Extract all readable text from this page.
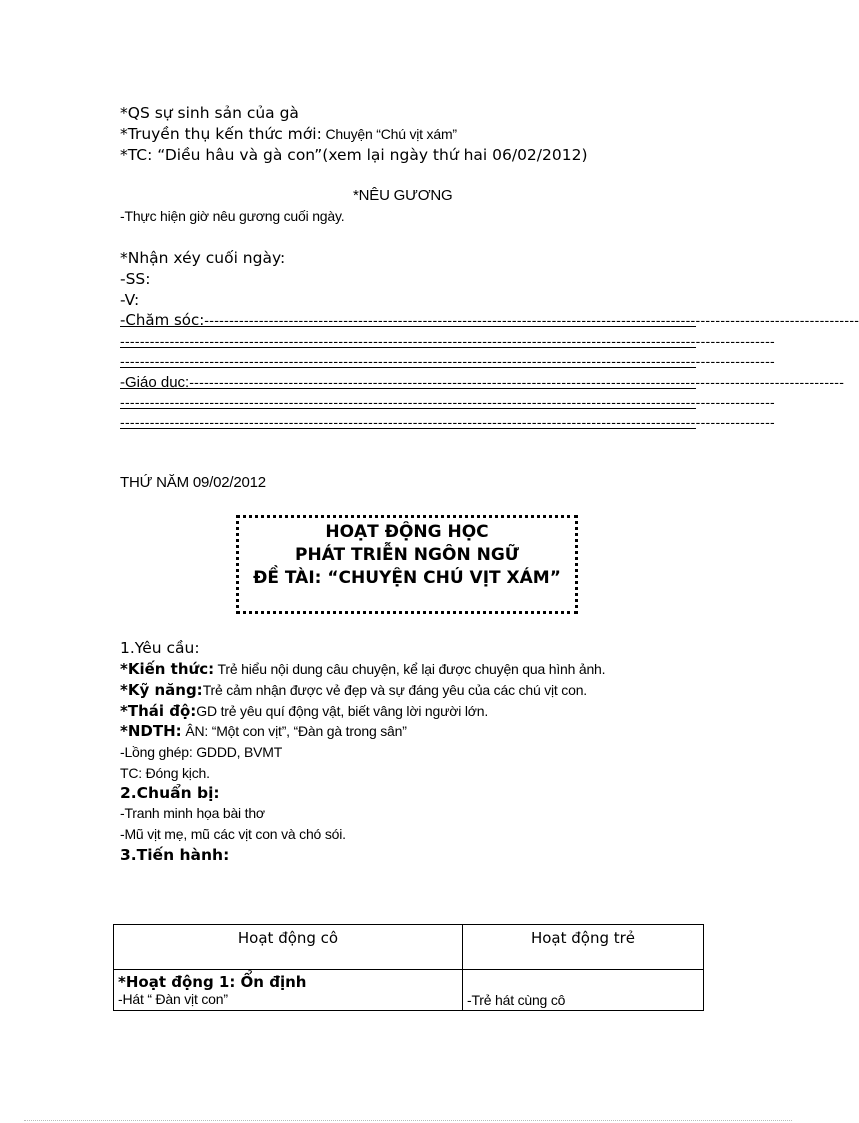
*QS sự sinh sản của gà
*Truyền thụ kến thức mới: Chuyện “Chú vịt xám”
*TC: “Diều hâu và gà con”(xem lại ngày thứ hai 06/02/2012)
*NÊU GƯƠNG
-Thực hiện giờ nêu gương cuối ngày.
*Nhận xéy cuối ngày:
-SS:
-V:
-Chăm sóc:------------------------------------------------------------------------------------------------------------------------------------
------------------------------------------------------------------------------------------------------------------------------------
------------------------------------------------------------------------------------------------------------------------------------
-Giáo dục:------------------------------------------------------------------------------------------------------------------------------------
------------------------------------------------------------------------------------------------------------------------------------
------------------------------------------------------------------------------------------------------------------------------------
THỨ NĂM 09/02/2012
HOẠT ĐỘNG HỌC
PHÁT TRIỄN NGÔN NGỮ
ĐỀ TÀI: “CHUYỆN CHÚ VỊT XÁM”
1.Yêu cầu:
*Kiến thức: Trẻ hiểu nội dung câu chuyện, kể lại được chuyện qua hình ảnh.
*Kỹ năng:Trẻ cảm nhận được vẻ đẹp và sự đáng yêu của các chú vịt con.
*Thái độ:GD trẻ yêu quí động vật, biết vâng lời người lớn.
*NDTH: ÂN: “Một con vịt”, “Đàn gà trong sân”
-Lồng ghép: GDDD, BVMT
TC: Đóng kịch.
2.Chuẩn bị:
-Tranh minh họa bài thơ
-Mũ vịt mẹ, mũ các vịt con và chó sói.
3.Tiến hành:
Hoạt động cô	Hoạt động trẻ

*Hoạt động 1: Ổn định
-Hát “ Đàn vịt con”	-Trẻ hát cùng cô
